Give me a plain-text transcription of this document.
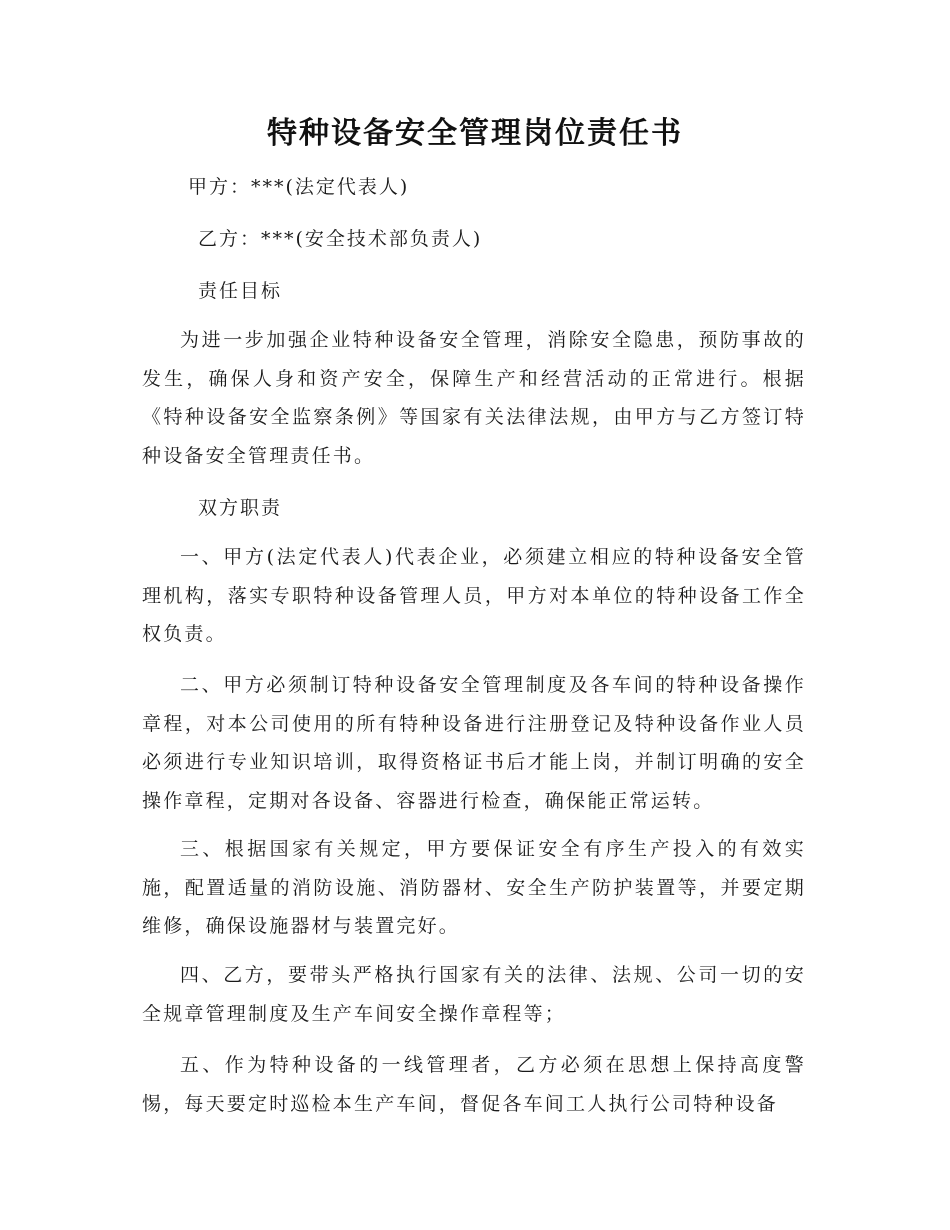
特种设备安全管理岗位责任书
甲方：***(法定代表人)
乙方：***(安全技术部负责人)
责任目标

为进一步加强企业特种设备安全管理，消除安全隐患，预防事故的发生，确保人身和资产安全，保障生产和经营活动的正常进行。根据《特种设备安全监察条例》等国家有关法律法规，由甲方与乙方签订特种设备安全管理责任书。

双方职责

一、甲方(法定代表人)代表企业，必须建立相应的特种设备安全管理机构，落实专职特种设备管理人员，甲方对本单位的特种设备工作全权负责。

二、甲方必须制订特种设备安全管理制度及各车间的特种设备操作章程，对本公司使用的所有特种设备进行注册登记及特种设备作业人员必须进行专业知识培训，取得资格证书后才能上岗，并制订明确的安全操作章程，定期对各设备、容器进行检查，确保能正常运转。

三、根据国家有关规定，甲方要保证安全有序生产投入的有效实施，配置适量的消防设施、消防器材、安全生产防护装置等，并要定期维修，确保设施器材与装置完好。

四、乙方，要带头严格执行国家有关的法律、法规、公司一切的安全规章管理制度及生产车间安全操作章程等；

五、作为特种设备的一线管理者，乙方必须在思想上保持高度警惕，每天要定时巡检本生产车间，督促各车间工人执行公司特种设备
